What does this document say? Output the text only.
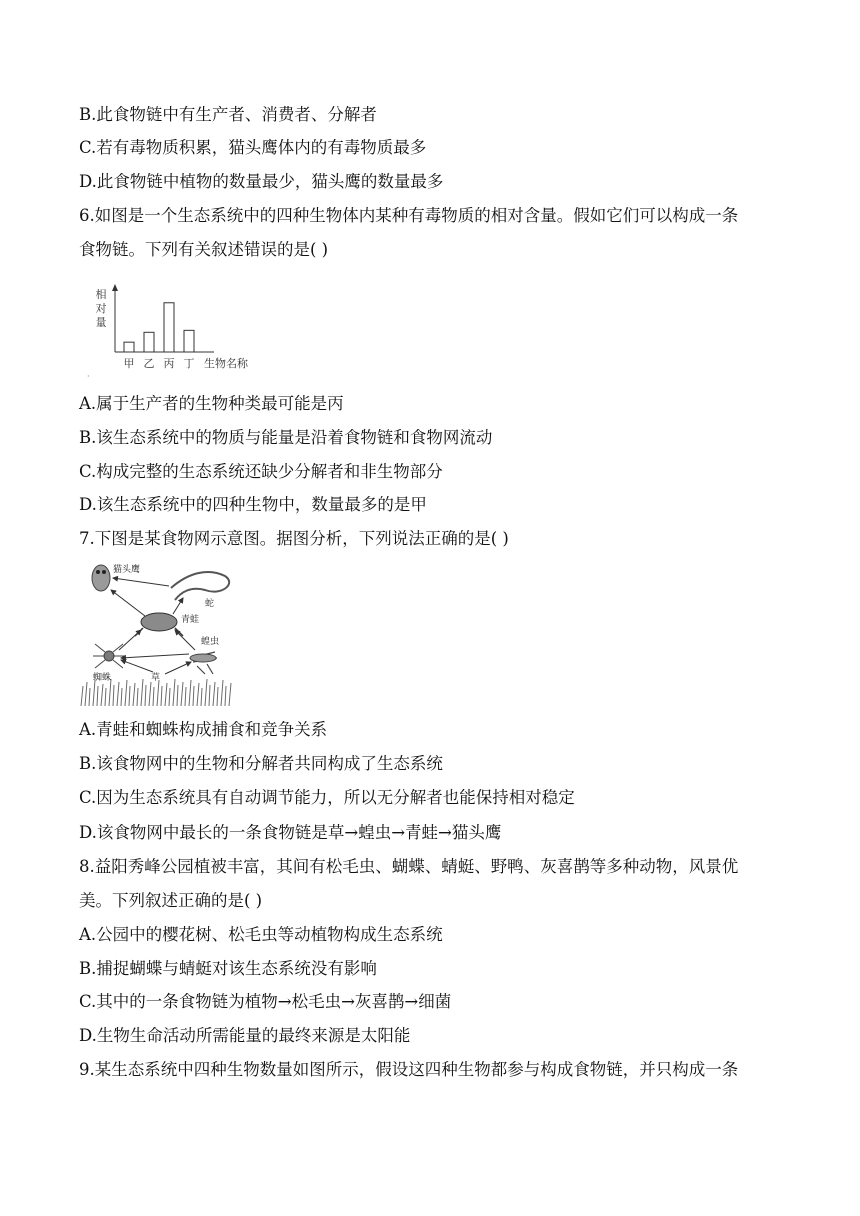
B.此食物链中有生产者、消费者、分解者

C.若有毒物质积累，猫头鹰体内的有毒物质最多

D.此食物链中植物的数量最少，猫头鹰的数量最多

6.如图是一个生态系统中的四种生物体内某种有毒物质的相对含量。假如它们可以构成一条

食物链。下列有关叙述错误的是( )

相
对
量
甲 乙 丙 丁 生物名称
·

A.属于生产者的生物种类最可能是丙

B.该生态系统中的物质与能量是沿着食物链和食物网流动

C.构成完整的生态系统还缺少分解者和非生物部分

D.该生态系统中的四种生物中，数量最多的是甲

7.下图是某食物网示意图。据图分析，下列说法正确的是( )

猫头鹰
蛇
青蛙
蝗虫
蜘蛛	草

A.青蛙和蜘蛛构成捕食和竞争关系

B.该食物网中的生物和分解者共同构成了生态系统

C.因为生态系统具有自动调节能力，所以无分解者也能保持相对稳定

D.该食物网中最长的一条食物链是草→蝗虫→青蛙→猫头鹰

8.益阳秀峰公园植被丰富，其间有松毛虫、蝴蝶、蜻蜓、野鸭、灰喜鹊等多种动物，风景优

美。下列叙述正确的是( )

A.公园中的樱花树、松毛虫等动植物构成生态系统

B.捕捉蝴蝶与蜻蜓对该生态系统没有影响

C.其中的一条食物链为植物→松毛虫→灰喜鹊→细菌

D.生物生命活动所需能量的最终来源是太阳能

9.某生态系统中四种生物数量如图所示，假设这四种生物都参与构成食物链，并只构成一条
